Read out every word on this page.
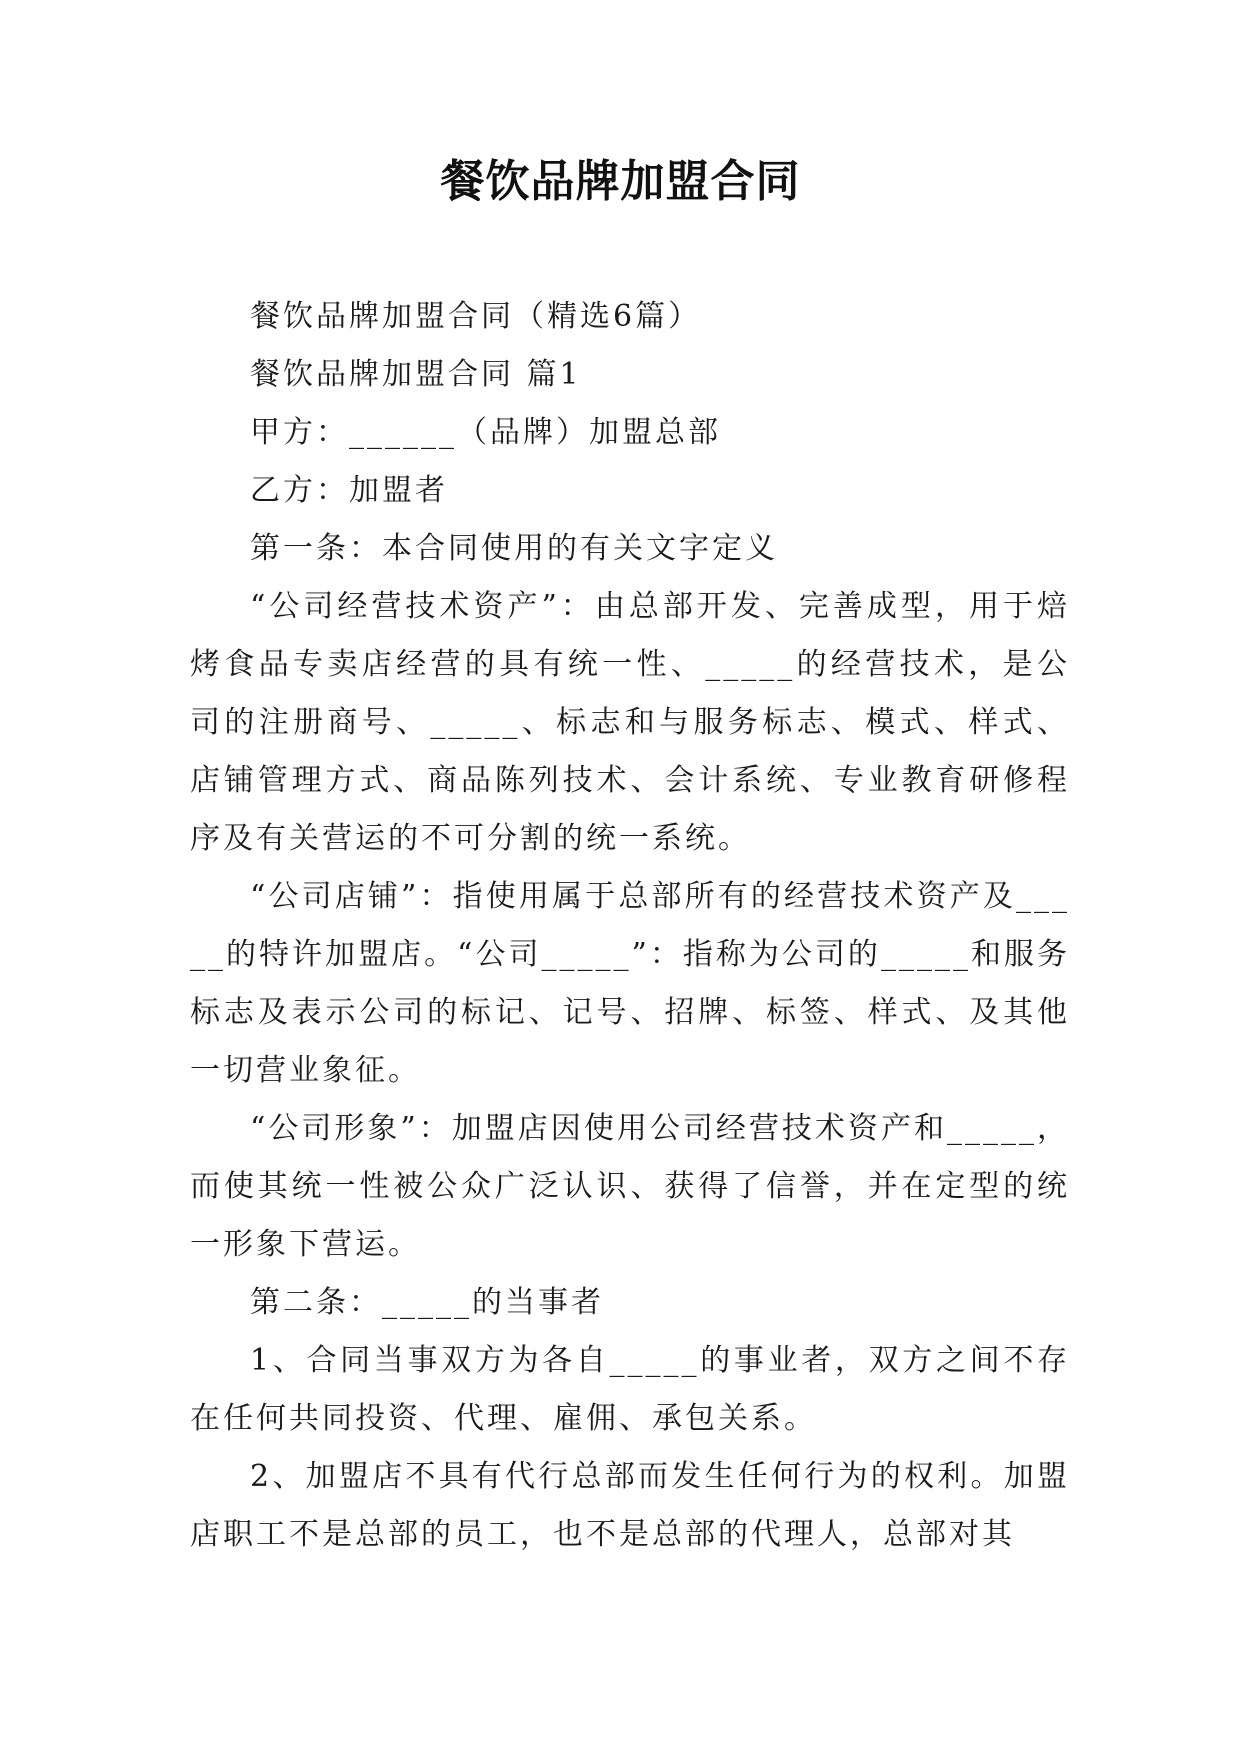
餐饮品牌加盟合同

餐饮品牌加盟合同（精选6篇）

餐饮品牌加盟合同 篇1

甲方：______（品牌）加盟总部

乙方：加盟者

第一条：本合同使用的有关文字定义

“公司经营技术资产”：由总部开发、完善成型，用于焙烤食品专卖店经营的具有统一性、_____的经营技术，是公司的注册商号、_____、标志和与服务标志、模式、样式、店铺管理方式、商品陈列技术、会计系统、专业教育研修程序及有关营运的不可分割的统一系统。

“公司店铺”：指使用属于总部所有的经营技术资产及_____的特许加盟店。“公司_____”：指称为公司的_____和服务标志及表示公司的标记、记号、招牌、标签、样式、及其他一切营业象征。

“公司形象”：加盟店因使用公司经营技术资产和_____，而使其统一性被公众广泛认识、获得了信誉，并在定型的统一形象下营运。

第二条：_____的当事者

1、合同当事双方为各自_____的事业者，双方之间不存在任何共同投资、代理、雇佣、承包关系。

2、加盟店不具有代行总部而发生任何行为的权利。加盟店职工不是总部的员工，也不是总部的代理人，总部对其
